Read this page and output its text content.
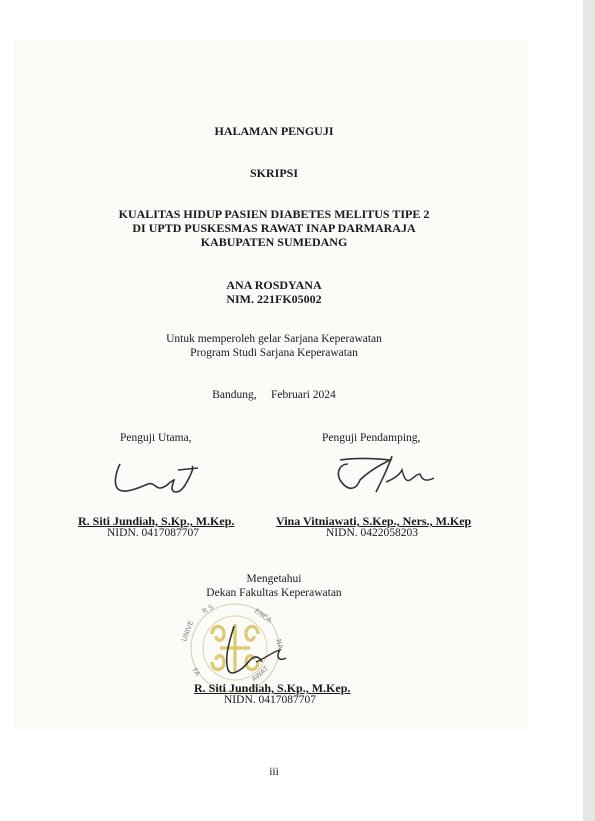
HALAMAN PENGUJI
SKRIPSI
KUALITAS HIDUP PASIEN DIABETES MELITUS TIPE 2
DI UPTD PUSKESMAS RAWAT INAP DARMARAJA
KABUPATEN SUMEDANG
ANA ROSDYANA
NIM. 221FK05002
Untuk memperoleh gelar Sarjana Keperawatan
Program Studi Sarjana Keperawatan
Bandung,     Februari 2024
Penguji Utama,
R. Siti Jundiah, S.Kp., M.Kep.
NIDN. 0417087707
Penguji Pendamping,
Vina Vitniawati, S.Kep., Ners., M.Kep
NIDN. 0422058203
Mengetahui
Dekan Fakultas Keperawatan
UNIVE
R S	ENCA
NA
FA	AWAT
R. Siti Jundiah, S.Kp., M.Kep.
NIDN. 0417087707
iii
